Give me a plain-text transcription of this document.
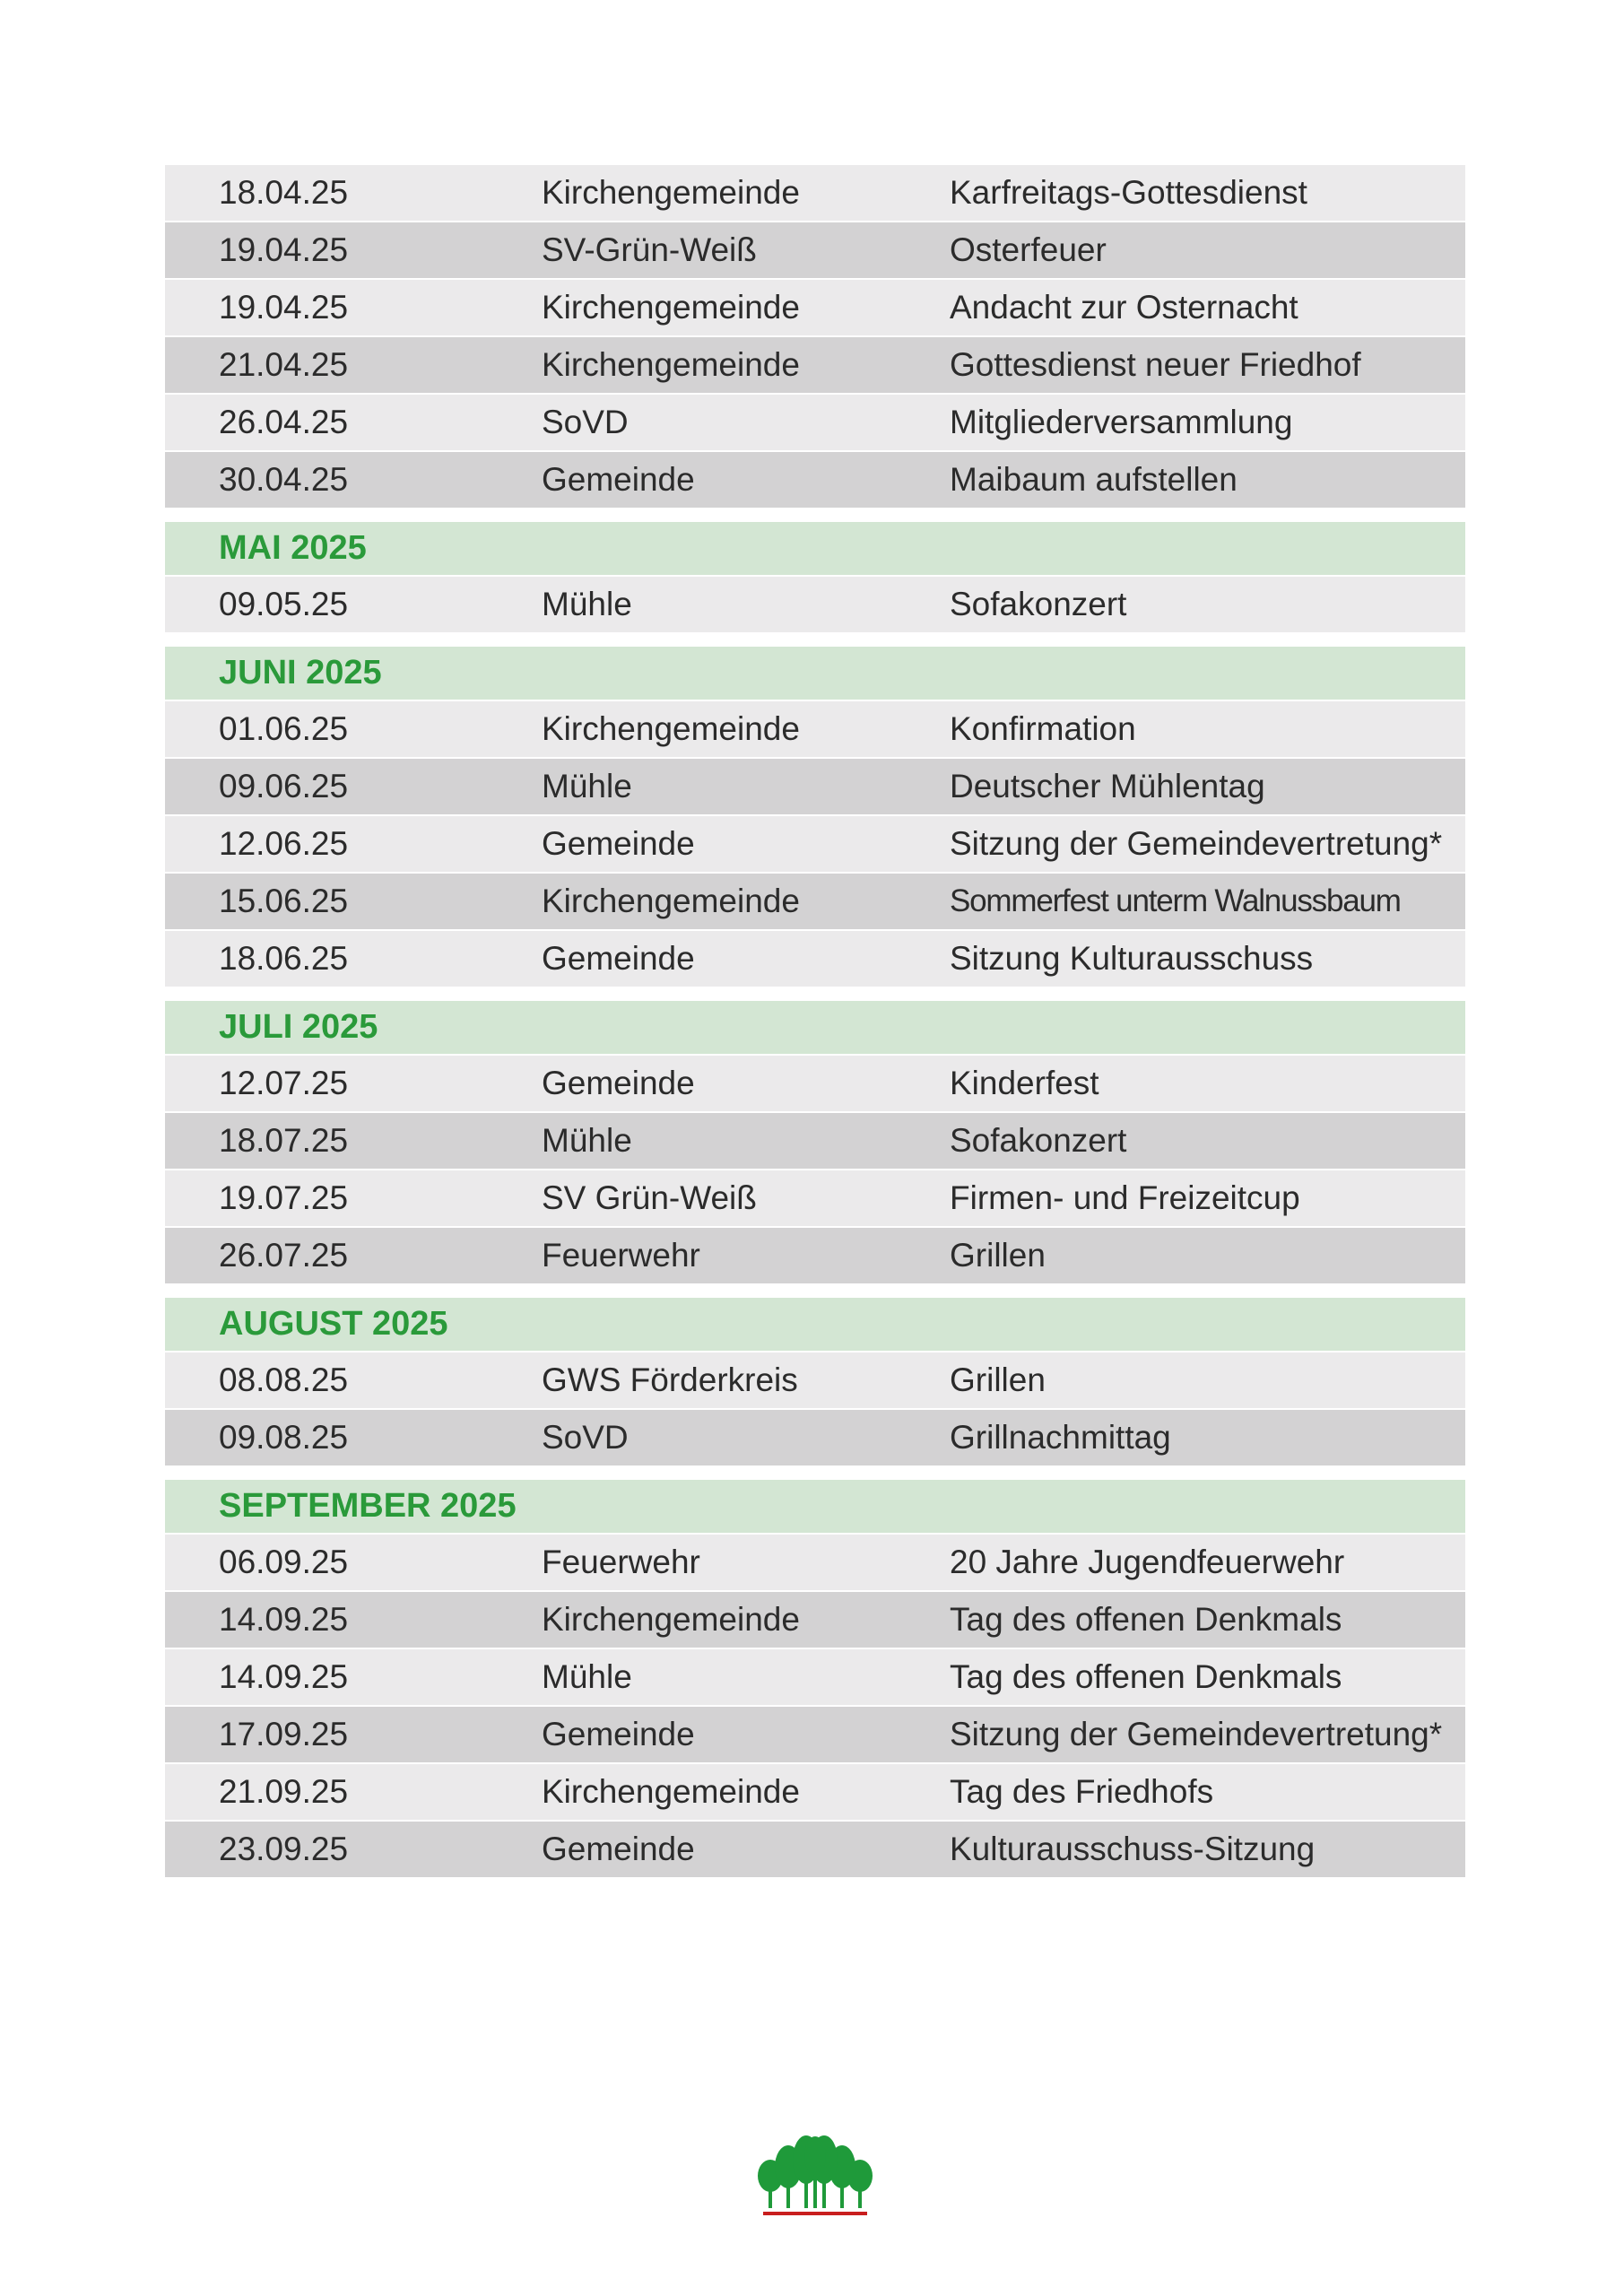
18.04.25	Kirchengemeinde	Karfreitags-Gottesdienst
19.04.25	SV-Grün-Weiß	Osterfeuer
19.04.25	Kirchengemeinde	Andacht zur Osternacht
21.04.25	Kirchengemeinde	Gottesdienst neuer Friedhof
26.04.25	SoVD	Mitgliederversammlung
30.04.25	Gemeinde	Maibaum aufstellen
MAI 2025
09.05.25	Mühle	Sofakonzert
JUNI 2025
01.06.25	Kirchengemeinde	Konfirmation
09.06.25	Mühle	Deutscher Mühlentag
12.06.25	Gemeinde	Sitzung der Gemeindevertretung*
15.06.25	Kirchengemeinde	Sommerfest unterm Walnussbaum
18.06.25	Gemeinde	Sitzung Kulturausschuss
JULI 2025
12.07.25	Gemeinde	Kinderfest
18.07.25	Mühle	Sofakonzert
19.07.25	SV Grün-Weiß	Firmen- und Freizeitcup
26.07.25	Feuerwehr	Grillen
AUGUST 2025
08.08.25	GWS Förderkreis	Grillen
09.08.25	SoVD	Grillnachmittag
SEPTEMBER 2025
06.09.25	Feuerwehr	20 Jahre Jugendfeuerwehr
14.09.25	Kirchengemeinde	Tag des offenen Denkmals
14.09.25	Mühle	Tag des offenen Denkmals
17.09.25	Gemeinde	Sitzung der Gemeindevertretung*
21.09.25	Kirchengemeinde	Tag des Friedhofs
23.09.25	Gemeinde	Kulturausschuss-Sitzung
